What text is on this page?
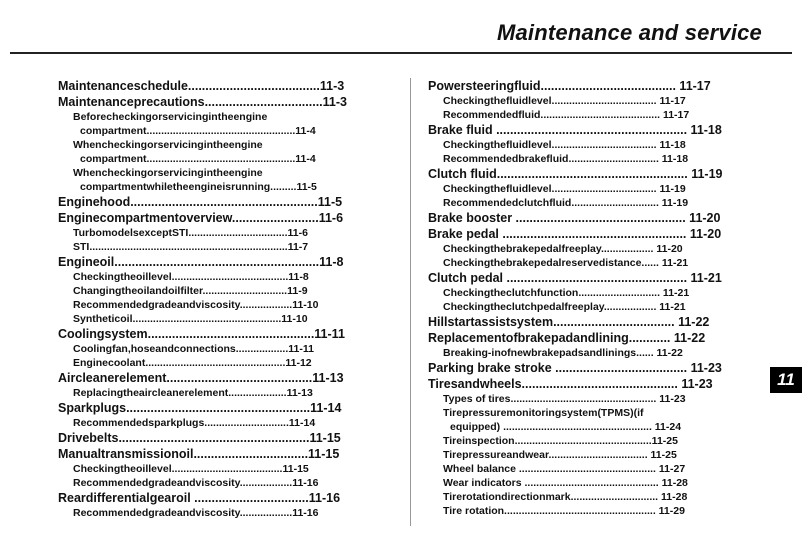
Maintenance and service
Maintenanceschedule......................................11-3
Maintenanceprecautions..................................11-3
Beforecheckingorservicingintheengine
compartment...................................................11-4
Whencheckingorservicingintheengine
compartment...................................................11-4
Whencheckingorservicingintheengine
compartmentwhiletheengineisrunning.........11-5
Enginehood......................................................11-5
Enginecompartmentoverview.........................11-6
TurbomodelsexceptSTI..................................11-6
STI....................................................................11-7
Engineoil...........................................................11-8
Checkingtheoillevel........................................11-8
Changingtheoilandoilfilter.............................11-9
Recommendedgradeandviscosity..................11-10
Syntheticoil...................................................11-10
Coolingsystem................................................11-11
Coolingfan,hoseandconnections..................11-11
Enginecoolant................................................11-12
Aircleanerelement..........................................11-13
Replacingtheaircleanerelement....................11-13
Sparkplugs.....................................................11-14
Recommendedsparkplugs.............................11-14
Drivebelts.......................................................11-15
Manualtransmissionoil.................................11-15
Checkingtheoillevel......................................11-15
Recommendedgradeandviscosity..................11-16
Reardifferentialgearoil .................................11-16
Recommendedgradeandviscosity..................11-16
Powersteeringfluid....................................... 11-17
Checkingthefluidlevel.................................... 11-17
Recommendedfluid......................................... 11-17
Brake fluid ....................................................... 11-18
Checkingthefluidlevel.................................... 11-18
Recommendedbrakefluid............................... 11-18
Clutch fluid....................................................... 11-19
Checkingthefluidlevel.................................... 11-19
Recommendedclutchfluid.............................. 11-19
Brake booster ................................................. 11-20
Brake pedal ..................................................... 11-20
Checkingthebrakepedalfreeplay.................. 11-20
Checkingthebrakepedalreservedistance...... 11-21
Clutch pedal .................................................... 11-21
Checkingtheclutchfunction............................ 11-21
Checkingtheclutchpedalfreeplay.................. 11-21
Hillstartassistsystem................................... 11-22
Replacementofbrakepadandlining............ 11-22
Breaking-inofnewbrakepadsandlinings...... 11-22
Parking brake stroke ...................................... 11-23
Tiresandwheels............................................. 11-23
Types of tires.................................................. 11-23
Tirepressuremonitoringsystem(TPMS)(if
equipped) ................................................... 11-24
Tireinspection...............................................11-25
Tirepressureandwear.................................. 11-25
Wheel balance ............................................... 11-27
Wear indicators .............................................. 11-28
Tirerotationdirectionmark.............................. 11-28
Tire rotation.................................................... 11-29
11
